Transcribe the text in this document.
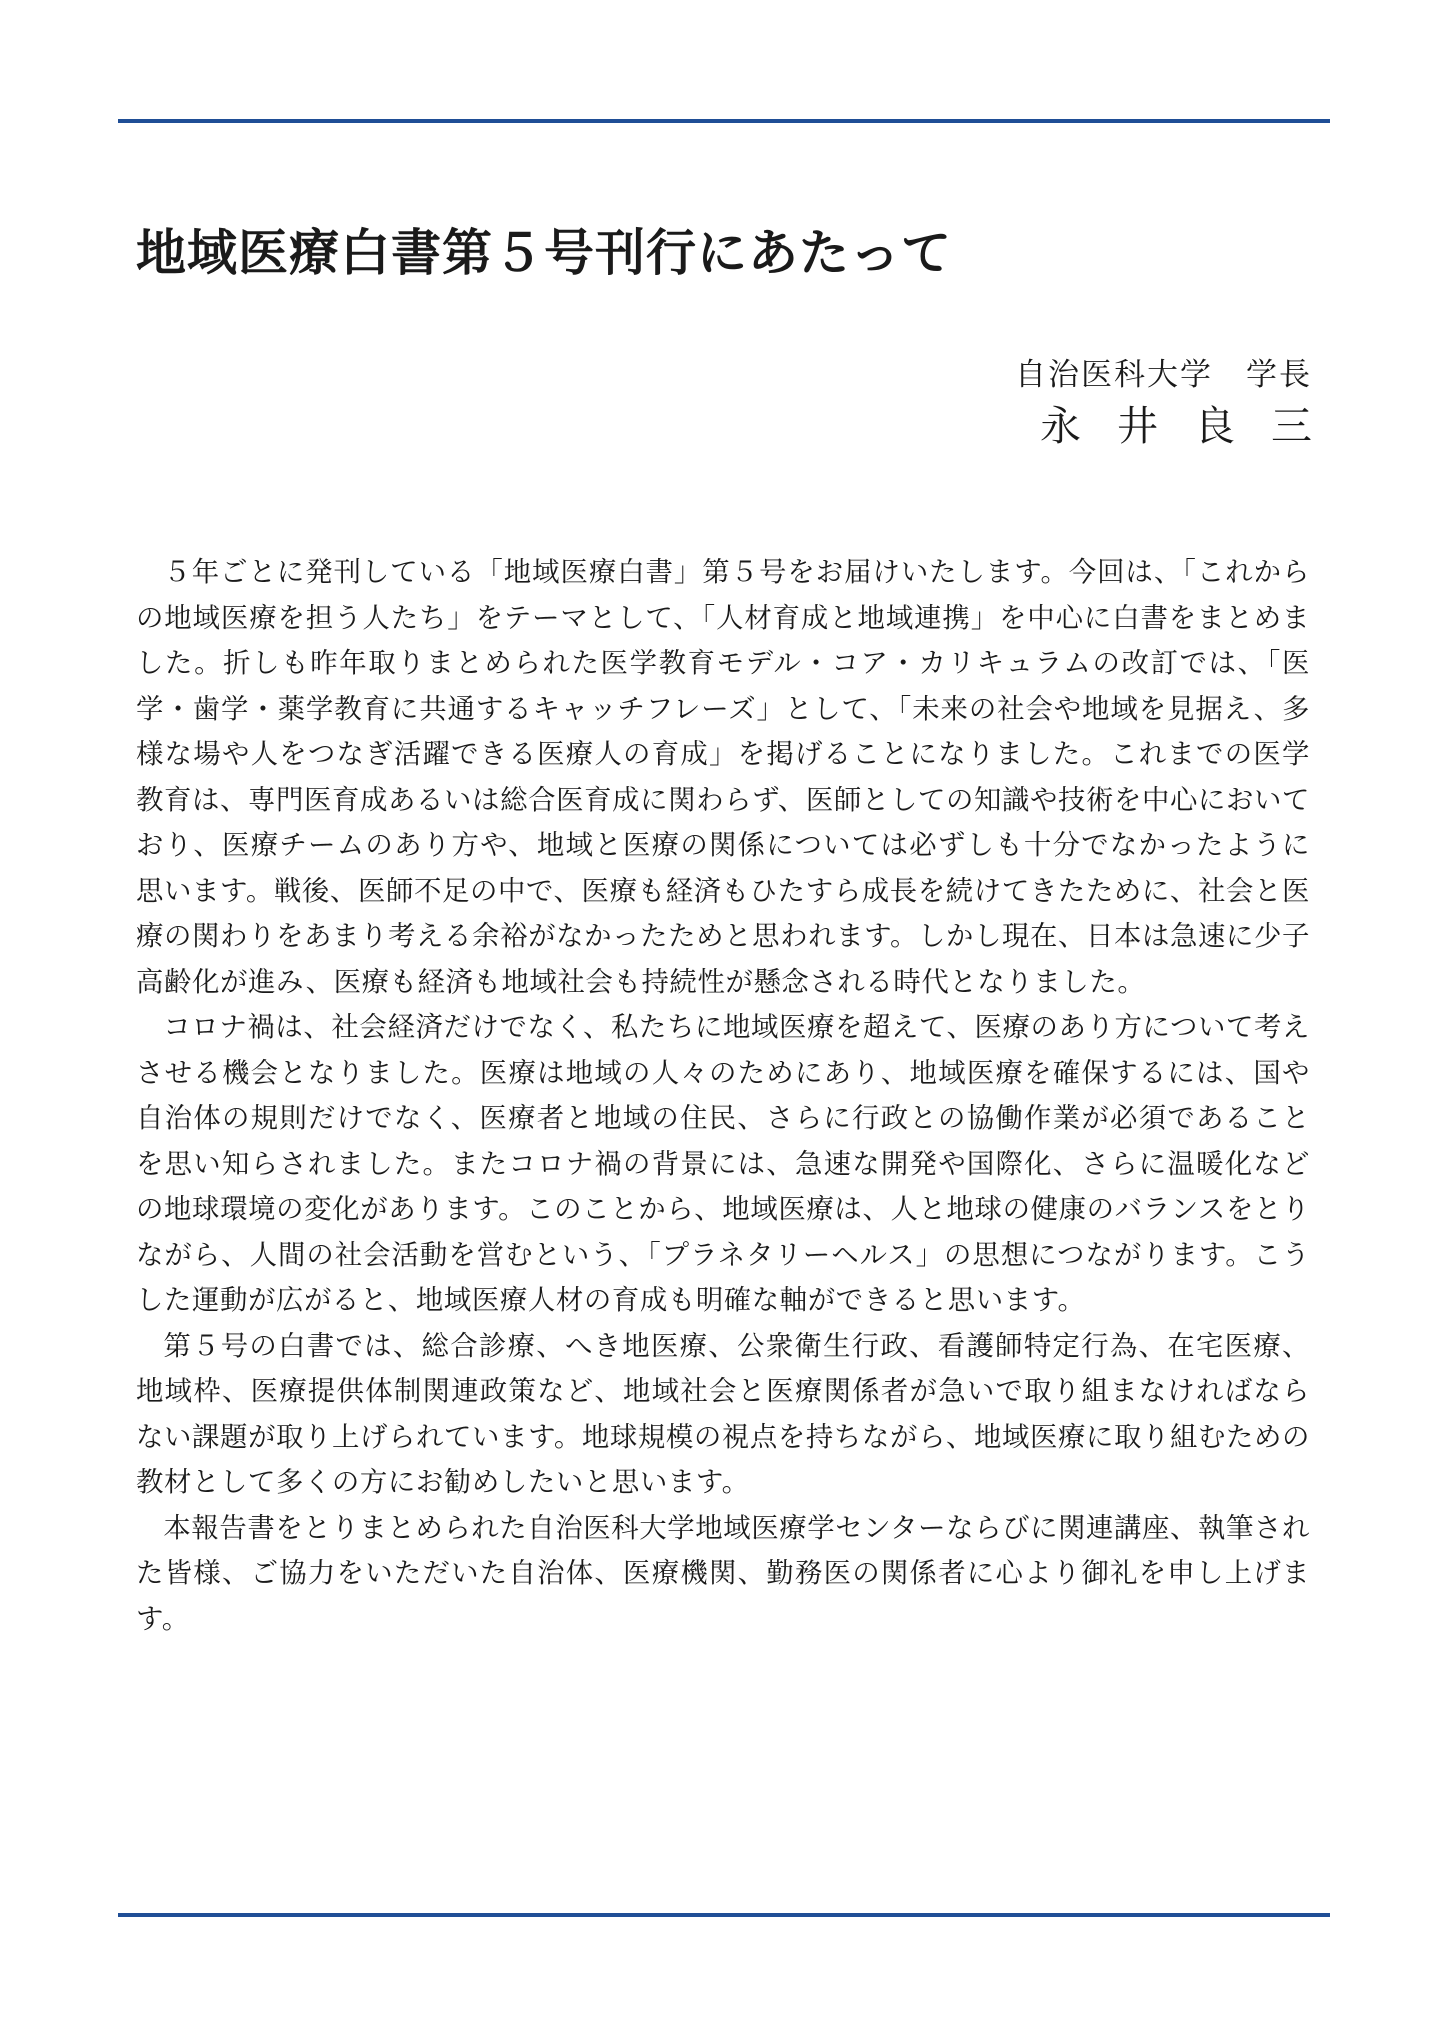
地域医療白書第５号刊行にあたって
自治医科大学　学長
永井良三

５年ごとに発刊している「地域医療白書」第５号をお届けいたします。今回は、「これからの地域医療を担う人たち」をテーマとして、「人材育成と地域連携」を中心に白書をまとめました。折しも昨年取りまとめられた医学教育モデル・コア・カリキュラムの改訂では、「医学・歯学・薬学教育に共通するキャッチフレーズ」として、「未来の社会や地域を見据え、多様な場や人をつなぎ活躍できる医療人の育成」を掲げることになりました。これまでの医学教育は、専門医育成あるいは総合医育成に関わらず、医師としての知識や技術を中心においており、医療チームのあり方や、地域と医療の関係については必ずしも十分でなかったように思います。戦後、医師不足の中で、医療も経済もひたすら成長を続けてきたために、社会と医療の関わりをあまり考える余裕がなかったためと思われます。しかし現在、日本は急速に少子高齢化が進み、医療も経済も地域社会も持続性が懸念される時代となりました。

コロナ禍は、社会経済だけでなく、私たちに地域医療を超えて、医療のあり方について考えさせる機会となりました。医療は地域の人々のためにあり、地域医療を確保するには、国や自治体の規則だけでなく、医療者と地域の住民、さらに行政との協働作業が必須であることを思い知らされました。またコロナ禍の背景には、急速な開発や国際化、さらに温暖化などの地球環境の変化があります。このことから、地域医療は、人と地球の健康のバランスをとりながら、人間の社会活動を営むという、「プラネタリーヘルス」の思想につながります。こうした運動が広がると、地域医療人材の育成も明確な軸ができると思います。

第５号の白書では、総合診療、へき地医療、公衆衛生行政、看護師特定行為、在宅医療、地域枠、医療提供体制関連政策など、地域社会と医療関係者が急いで取り組まなければならない課題が取り上げられています。地球規模の視点を持ちながら、地域医療に取り組むための教材として多くの方にお勧めしたいと思います。

本報告書をとりまとめられた自治医科大学地域医療学センターならびに関連講座、執筆された皆様、ご協力をいただいた自治体、医療機関、勤務医の関係者に心より御礼を申し上げます。
